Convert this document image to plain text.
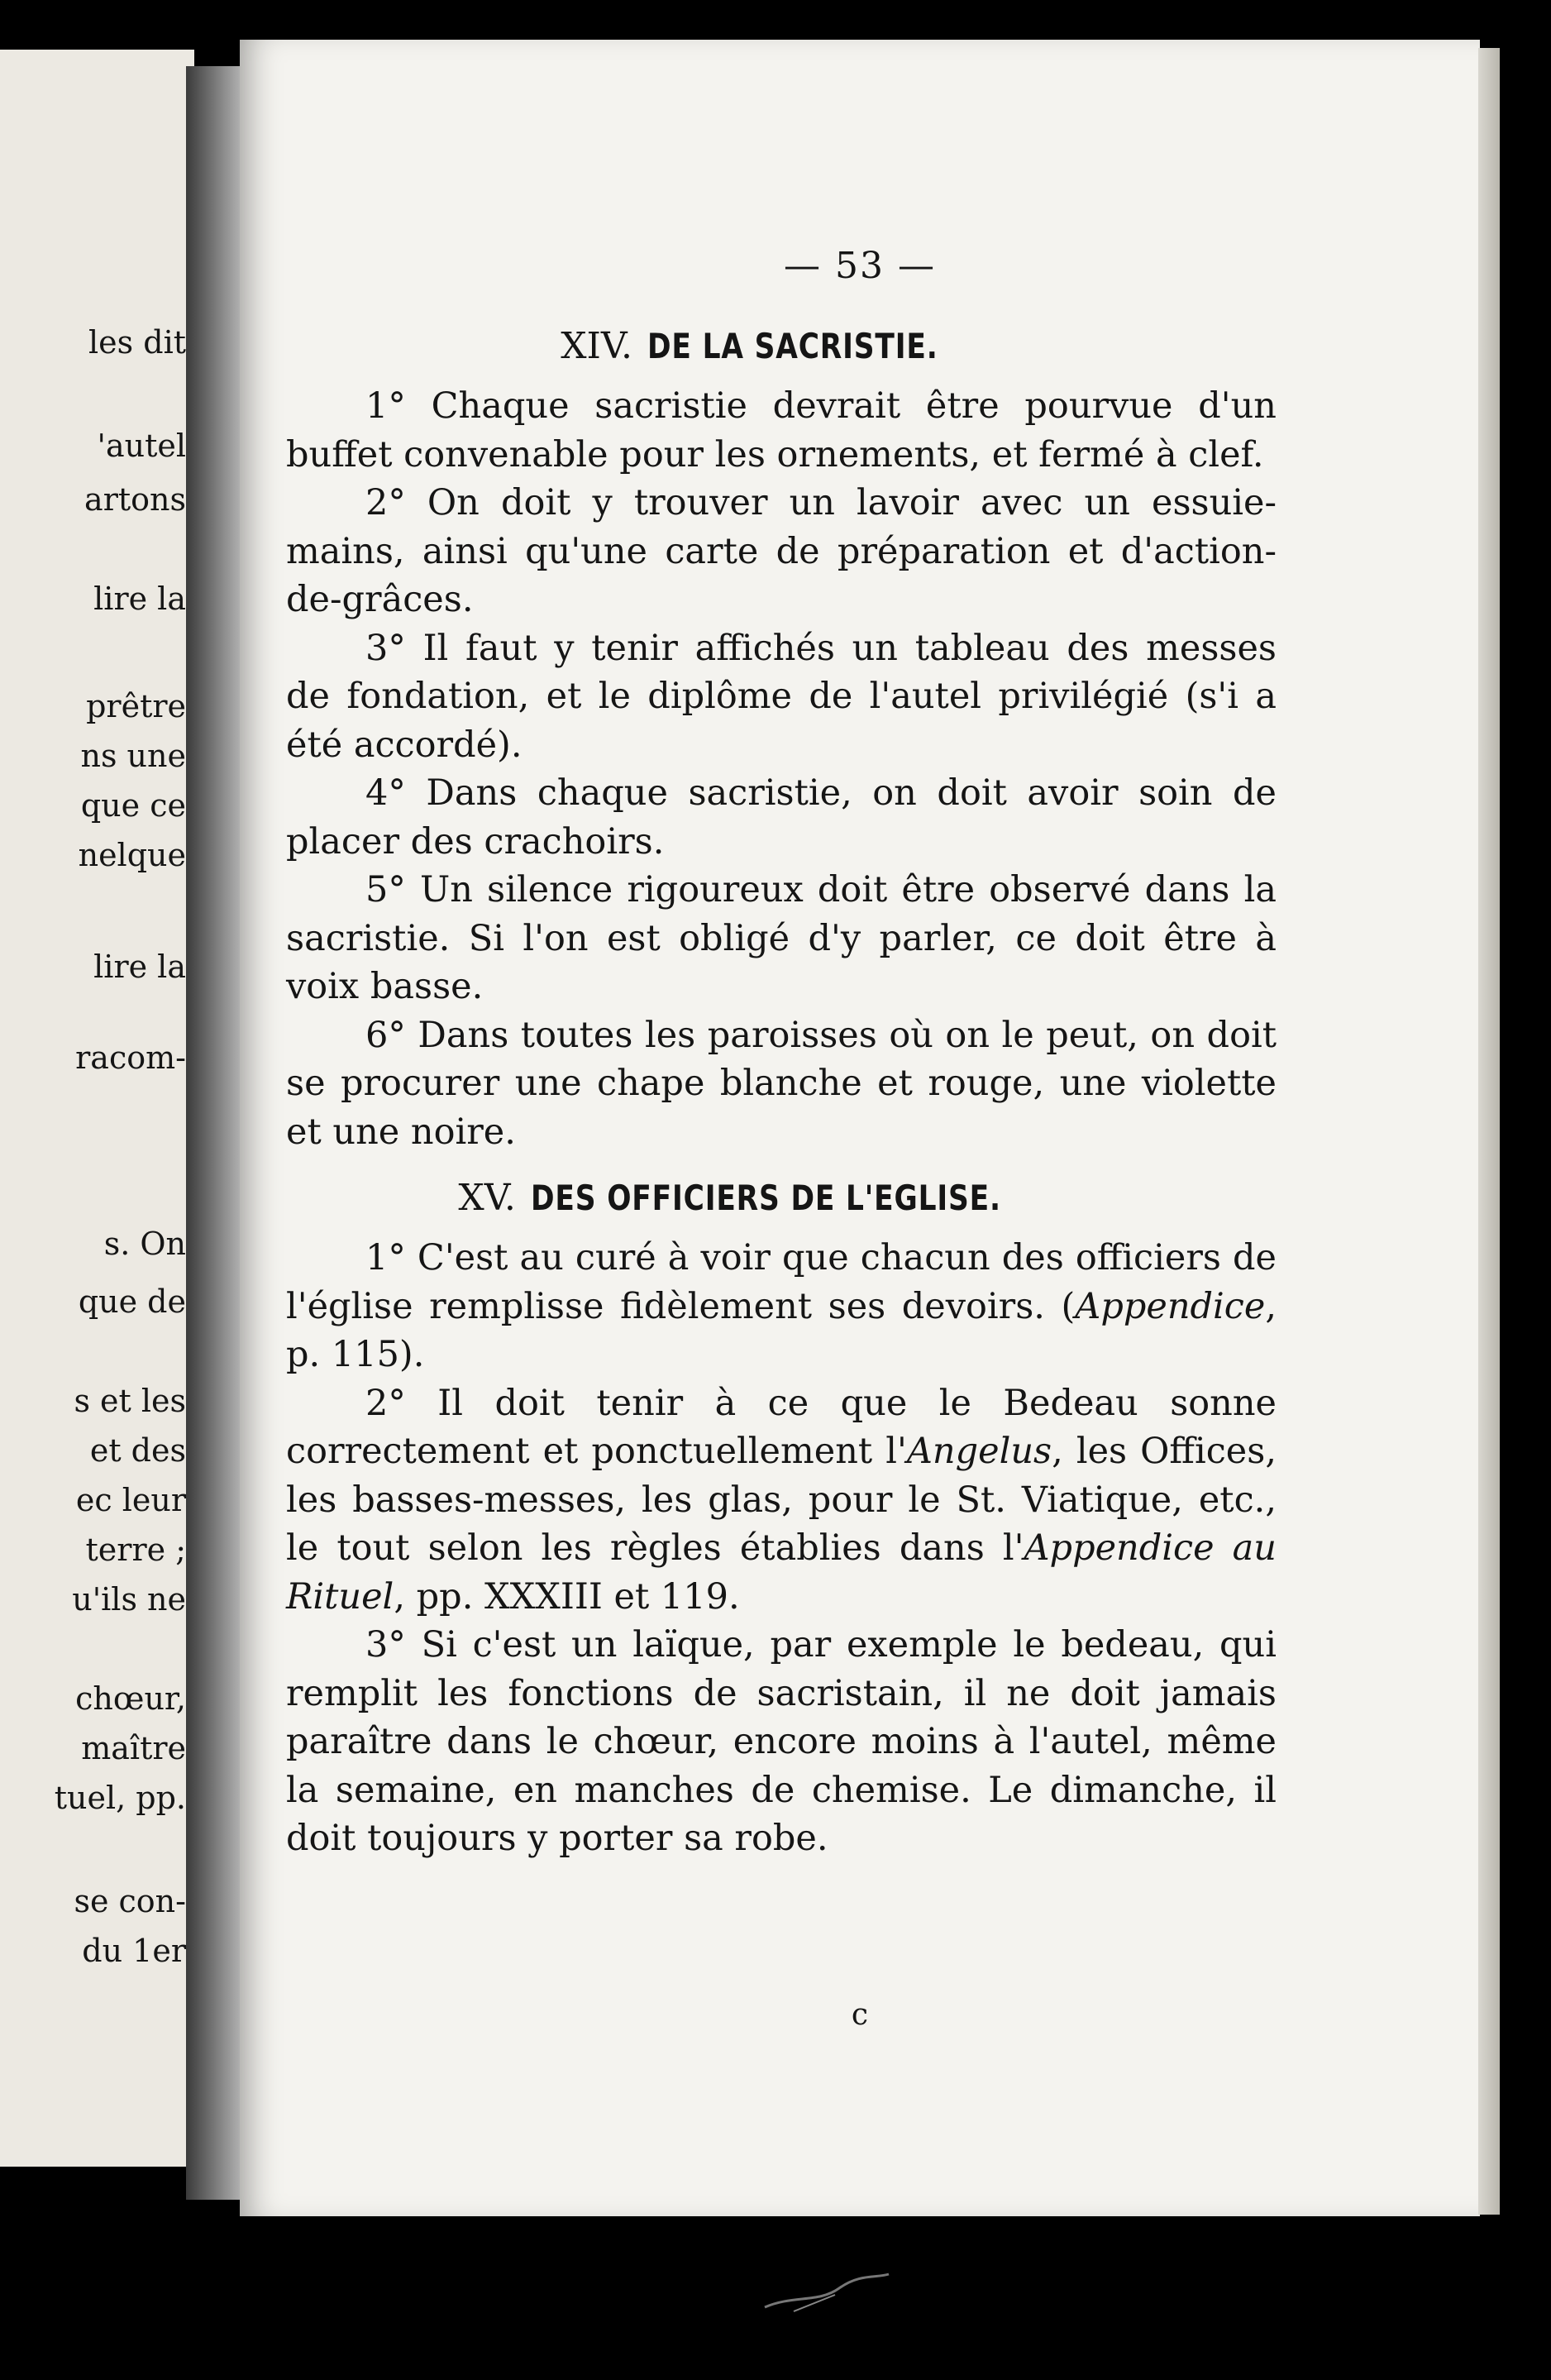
les dit
'autel
artons
lire la
prêtre
ns une
que ce
nelque
lire la
racom-
s. On
que de
s et les
et des
ec leur
terre ;
u'ils ne
chœur,
maître
tuel, pp.
se con-
du 1er
— 53 —
XIV. DE LA SACRISTIE.

1° Chaque sacristie devrait être pourvue d'un buffet convenable pour les ornements, et fermé à clef.

2° On doit y trouver un lavoir avec un essuie-mains, ainsi qu'une carte de préparation et d'action-de-grâces.

3° Il faut y tenir affichés un tableau des messes de fondation, et le diplôme de l'autel privilégié (s'i a été accordé).

4° Dans chaque sacristie, on doit avoir soin de placer des crachoirs.

5° Un silence rigoureux doit être observé dans la sacristie. Si l'on est obligé d'y parler, ce doit être à voix basse.

6° Dans toutes les paroisses où on le peut, on doit se procurer une chape blanche et rouge, une violette et une noire.

XV. DES OFFICIERS DE L'EGLISE.

1° C'est au curé à voir que chacun des officiers de l'église remplisse fidèlement ses devoirs. (Appendice, p. 115).

2° Il doit tenir à ce que le Bedeau sonne correctement et ponctuellement l'Angelus, les Offices, les basses-messes, les glas, pour le St. Viatique, etc., le tout selon les règles établies dans l'Appendice au Rituel, pp. XXXIII et 119.

3° Si c'est un laïque, par exemple le bedeau, qui remplit les fonctions de sacristain, il ne doit jamais paraître dans le chœur, encore moins à l'autel, même la semaine, en manches de chemise. Le dimanche, il doit toujours y porter sa robe.

c
